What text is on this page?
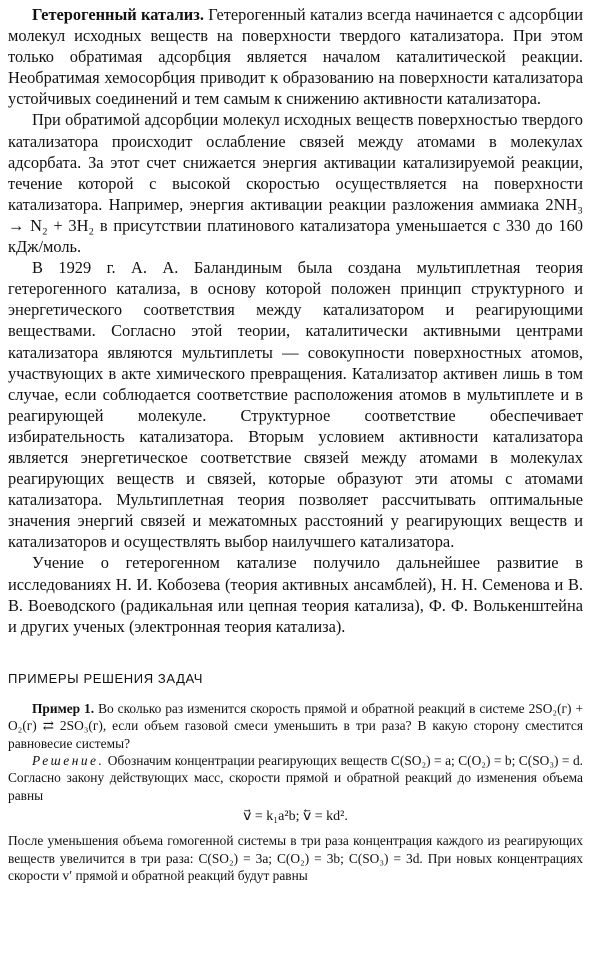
Гетерогенный катализ. Гетерогенный катализ всегда начинается с адсорбции молекул исходных веществ на поверхности твердого катализатора. При этом только обратимая адсорбция является началом каталитической реакции. Необратимая хемосорбция приводит к образованию на поверхности катализатора устойчивых соединений и тем самым к снижению активности катализатора.

При обратимой адсорбции молекул исходных веществ поверхностью твердого катализатора происходит ослабление связей между атомами в молекулах адсорбата. За этот счет снижается энергия активации катализируемой реакции, течение которой с высокой скоростью осуществляется на поверхности катализатора. Например, энергия активации реакции разложения аммиака 2NH₃ → N₂ + 3H₂ в присутствии платинового катализатора уменьшается с 330 до 160 кДж/моль.

В 1929 г. А. А. Баландиным была создана мультиплетная теория гетерогенного катализа, в основу которой положен принцип структурного и энергетического соответствия между катализатором и реагирующими веществами. Согласно этой теории, каталитически активными центрами катализатора являются мультиплеты — совокупности поверхностных атомов, участвующих в акте химического превращения. Катализатор активен лишь в том случае, если соблюдается соответствие расположения атомов в мультиплете и в реагирующей молекуле. Структурное соответствие обеспечивает избирательность катализатора. Вторым условием активности катализатора является энергетическое соответствие связей между атомами в молекулах реагирующих веществ и связей, которые образуют эти атомы с атомами катализатора. Мультиплетная теория позволяет рассчитывать оптимальные значения энергий связей и межатомных расстояний у реагирующих веществ и катализаторов и осуществлять выбор наилучшего катализатора.

Учение о гетерогенном катализе получило дальнейшее развитие в исследованиях Н. И. Кобозева (теория активных ансамблей), Н. Н. Семенова и В. В. Воеводского (радикальная или цепная теория катализа), Ф. Ф. Волькенштейна и других ученых (электронная теория катализа).

ПРИМЕРЫ РЕШЕНИЯ ЗАДАЧ

Пример 1. Во сколько раз изменится скорость прямой и обратной реакций в системе 2SO₂(г) + O₂(г) ⇄ 2SO₃(г), если объем газовой смеси уменьшить в три раза? В какую сторону сместится равновесие системы?

Решение. Обозначим концентрации реагирующих веществ C(SO₂) = a; C(O₂) = b; C(SO₃) = d. Согласно закону действующих масс, скорости прямой и обратной реакций до изменения объема равны

v⃗ = k₁a²b; v⃖ = kd².

После уменьшения объема гомогенной системы в три раза концентрация каждого из реагирующих веществ увеличится в три раза: C(SO₂) = 3a; C(O₂) = 3b; C(SO₃) = 3d. При новых концентрациях скорости v′ прямой и обратной реакций будут равны
